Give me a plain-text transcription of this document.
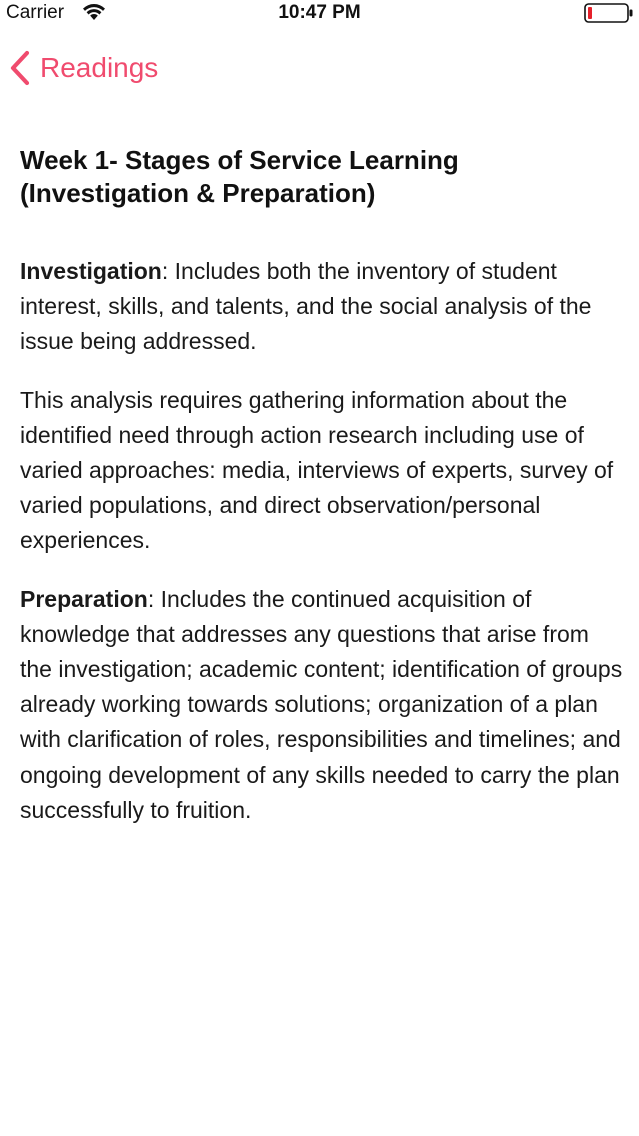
Carrier	10:47 PM
Readings
Week 1- Stages of Service Learning
(Investigation & Preparation)

Investigation: Includes both the inventory of student interest, skills, and talents, and the social analysis of the issue being addressed.

This analysis requires gathering information about the identified need through action research including use of varied approaches: media, interviews of experts, survey of varied populations, and direct observation/personal experiences.

Preparation: Includes the continued acquisition of knowledge that addresses any questions that arise from the investigation; academic content; identification of groups already working towards solutions; organization of a plan with clarification of roles, responsibilities and timelines; and ongoing development of any skills needed to carry the plan successfully to fruition.
